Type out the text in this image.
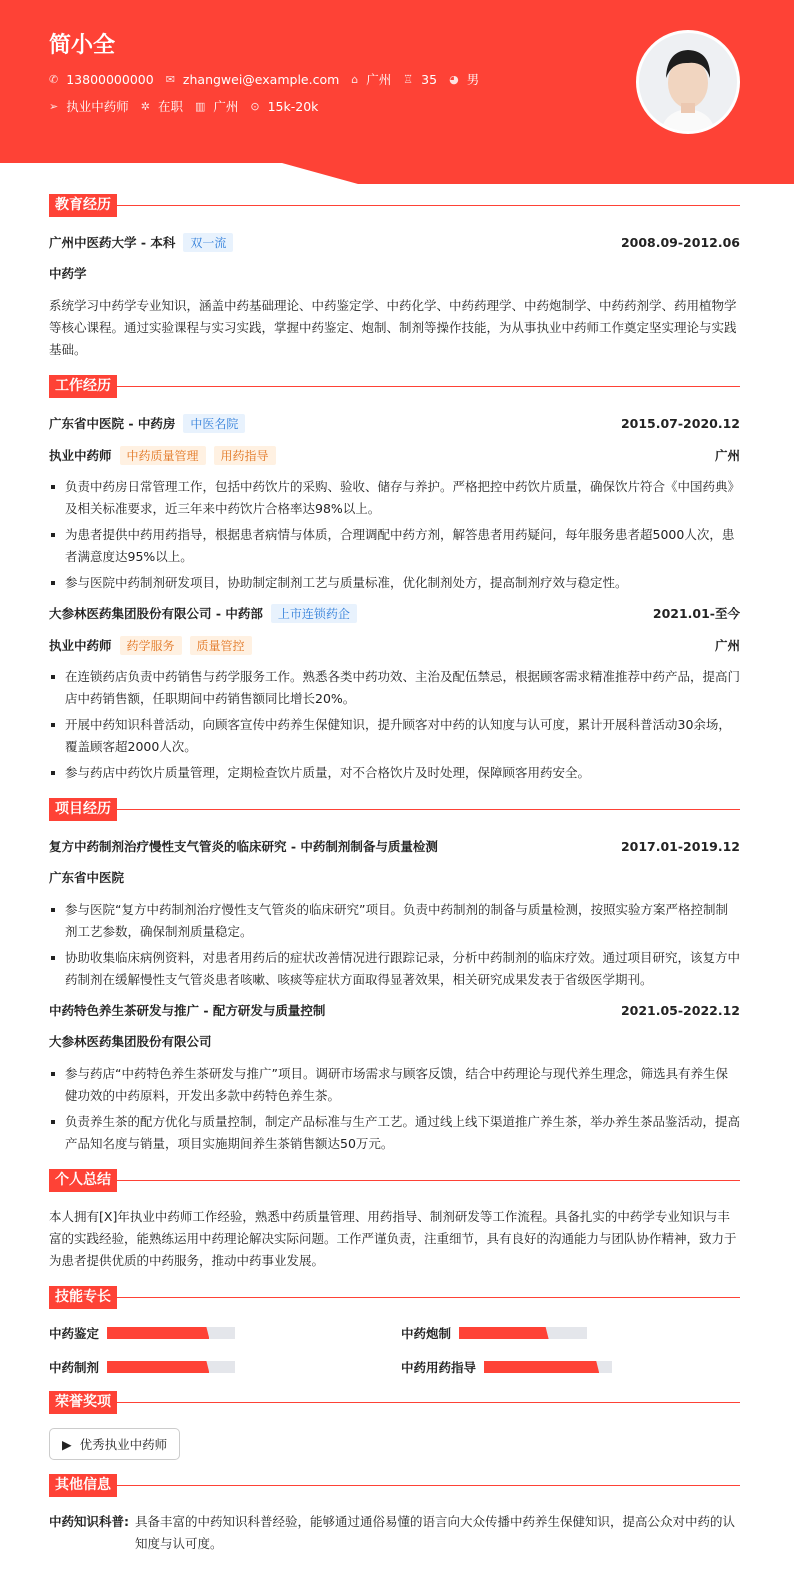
简小全
✆ 13800000000 ✉ zhangwei@example.com ⌂ 广州 ♖ 35 ◕ 男
➢ 执业中药师 ✲ 在职 ▥ 广州 ⊙ 15k-20k
教育经历
广州中医药大学 - 本科	双一流	2008.09-2012.06
中药学

系统学习中药学专业知识，涵盖中药基础理论、中药鉴定学、中药化学、中药药理学、中药炮制学、中药药剂学、药用植物学等核心课程。通过实验课程与实习实践，掌握中药鉴定、炮制、制剂等操作技能，为从事执业中药师工作奠定坚实理论与实践基础。

工作经历
广东省中医院 - 中药房	中医名院	2015.07-2020.12
执业中药师	中药质量管理	用药指导	广州
负责中药房日常管理工作，包括中药饮片的采购、验收、储存与养护。严格把控中药饮片质量，确保饮片符合《中国药典》及相关标准要求，近三年来中药饮片合格率达98%以上。
为患者提供中药用药指导，根据患者病情与体质，合理调配中药方剂，解答患者用药疑问，每年服务患者超5000人次，患者满意度达95%以上。
参与医院中药制剂研发项目，协助制定制剂工艺与质量标准，优化制剂处方，提高制剂疗效与稳定性。
大参林医药集团股份有限公司 - 中药部	上市连锁药企	2021.01-至今
执业中药师	药学服务	质量管控	广州
在连锁药店负责中药销售与药学服务工作。熟悉各类中药功效、主治及配伍禁忌，根据顾客需求精准推荐中药产品，提高门店中药销售额，任职期间中药销售额同比增长20%。
开展中药知识科普活动，向顾客宣传中药养生保健知识，提升顾客对中药的认知度与认可度，累计开展科普活动30余场，覆盖顾客超2000人次。
参与药店中药饮片质量管理，定期检查饮片质量，对不合格饮片及时处理，保障顾客用药安全。
项目经历
复方中药制剂治疗慢性支气管炎的临床研究 - 中药制剂制备与质量检测	2017.01-2019.12
广东省中医院
参与医院“复方中药制剂治疗慢性支气管炎的临床研究”项目。负责中药制剂的制备与质量检测，按照实验方案严格控制制剂工艺参数，确保制剂质量稳定。
协助收集临床病例资料，对患者用药后的症状改善情况进行跟踪记录，分析中药制剂的临床疗效。通过项目研究，该复方中药制剂在缓解慢性支气管炎患者咳嗽、咳痰等症状方面取得显著效果，相关研究成果发表于省级医学期刊。
中药特色养生茶研发与推广 - 配方研发与质量控制	2021.05-2022.12
大参林医药集团股份有限公司
参与药店“中药特色养生茶研发与推广”项目。调研市场需求与顾客反馈，结合中药理论与现代养生理念，筛选具有养生保健功效的中药原料，开发出多款中药特色养生茶。
负责养生茶的配方优化与质量控制，制定产品标准与生产工艺。通过线上线下渠道推广养生茶，举办养生茶品鉴活动，提高产品知名度与销量，项目实施期间养生茶销售额达50万元。
个人总结

本人拥有[X]年执业中药师工作经验，熟悉中药质量管理、用药指导、制剂研发等工作流程。具备扎实的中药学专业知识与丰富的实践经验，能熟练运用中药理论解决实际问题。工作严谨负责，注重细节，具有良好的沟通能力与团队协作精神，致力于为患者提供优质的中药服务，推动中药事业发展。

技能专长
中药鉴定	中药炮制
中药制剂	中药用药指导
荣誉奖项
▶ 优秀执业中药师
其他信息
中药知识科普: 具备丰富的中药知识科普经验，能够通过通俗易懂的语言向大众传播中药养生保健知识，提高公众对中药的认知度与认可度。
